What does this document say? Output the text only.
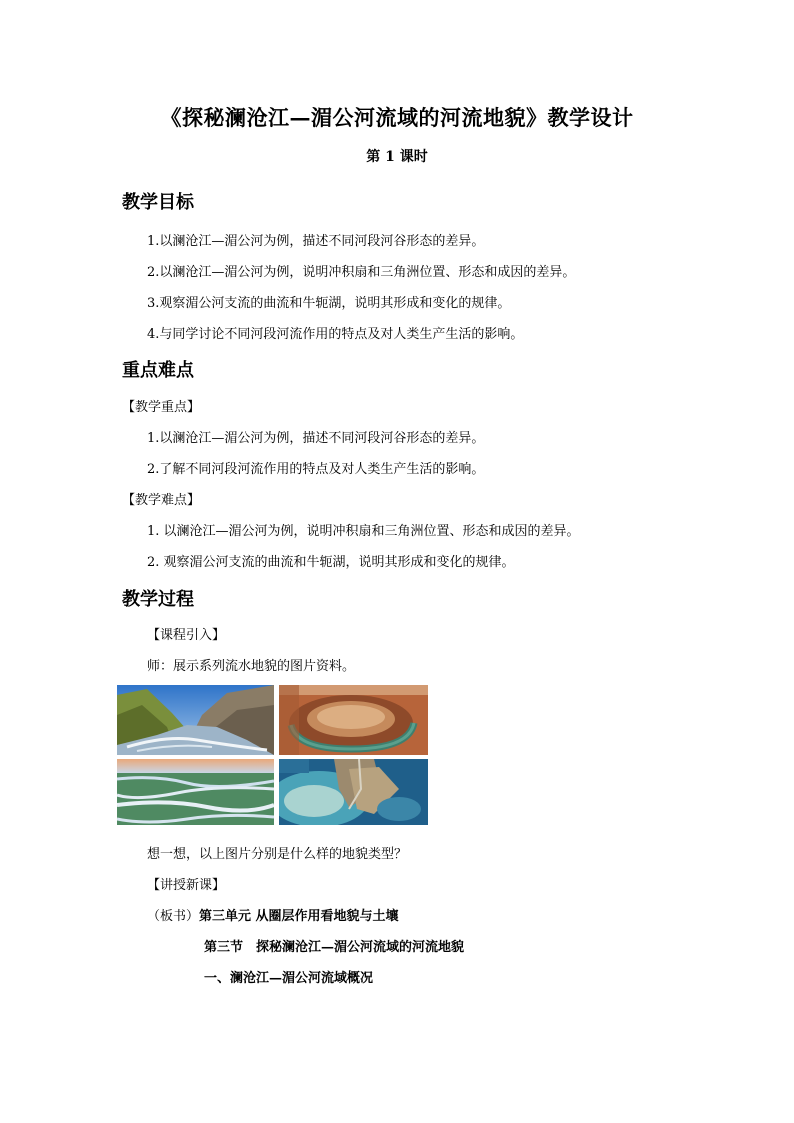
《探秘澜沧江—湄公河流域的河流地貌》教学设计
第 1 课时
教学目标
1.以澜沧江—湄公河为例，描述不同河段河谷形态的差异。
2.以澜沧江—湄公河为例，说明冲积扇和三角洲位置、形态和成因的差异。
3.观察湄公河支流的曲流和牛轭湖，说明其形成和变化的规律。
4.与同学讨论不同河段河流作用的特点及对人类生产生活的影响。
重点难点
【教学重点】
1.以澜沧江—湄公河为例，描述不同河段河谷形态的差异。
2.了解不同河段河流作用的特点及对人类生产生活的影响。
【教学难点】
1. 以澜沧江—湄公河为例，说明冲积扇和三角洲位置、形态和成因的差异。
2. 观察湄公河支流的曲流和牛轭湖，说明其形成和变化的规律。
教学过程
【课程引入】
师：展示系列流水地貌的图片资料。
想一想，以上图片分别是什么样的地貌类型？
【讲授新课】
（板书）第三单元 从圈层作用看地貌与土壤
第三节　探秘澜沧江—湄公河流域的河流地貌
一、澜沧江—湄公河流域概况
